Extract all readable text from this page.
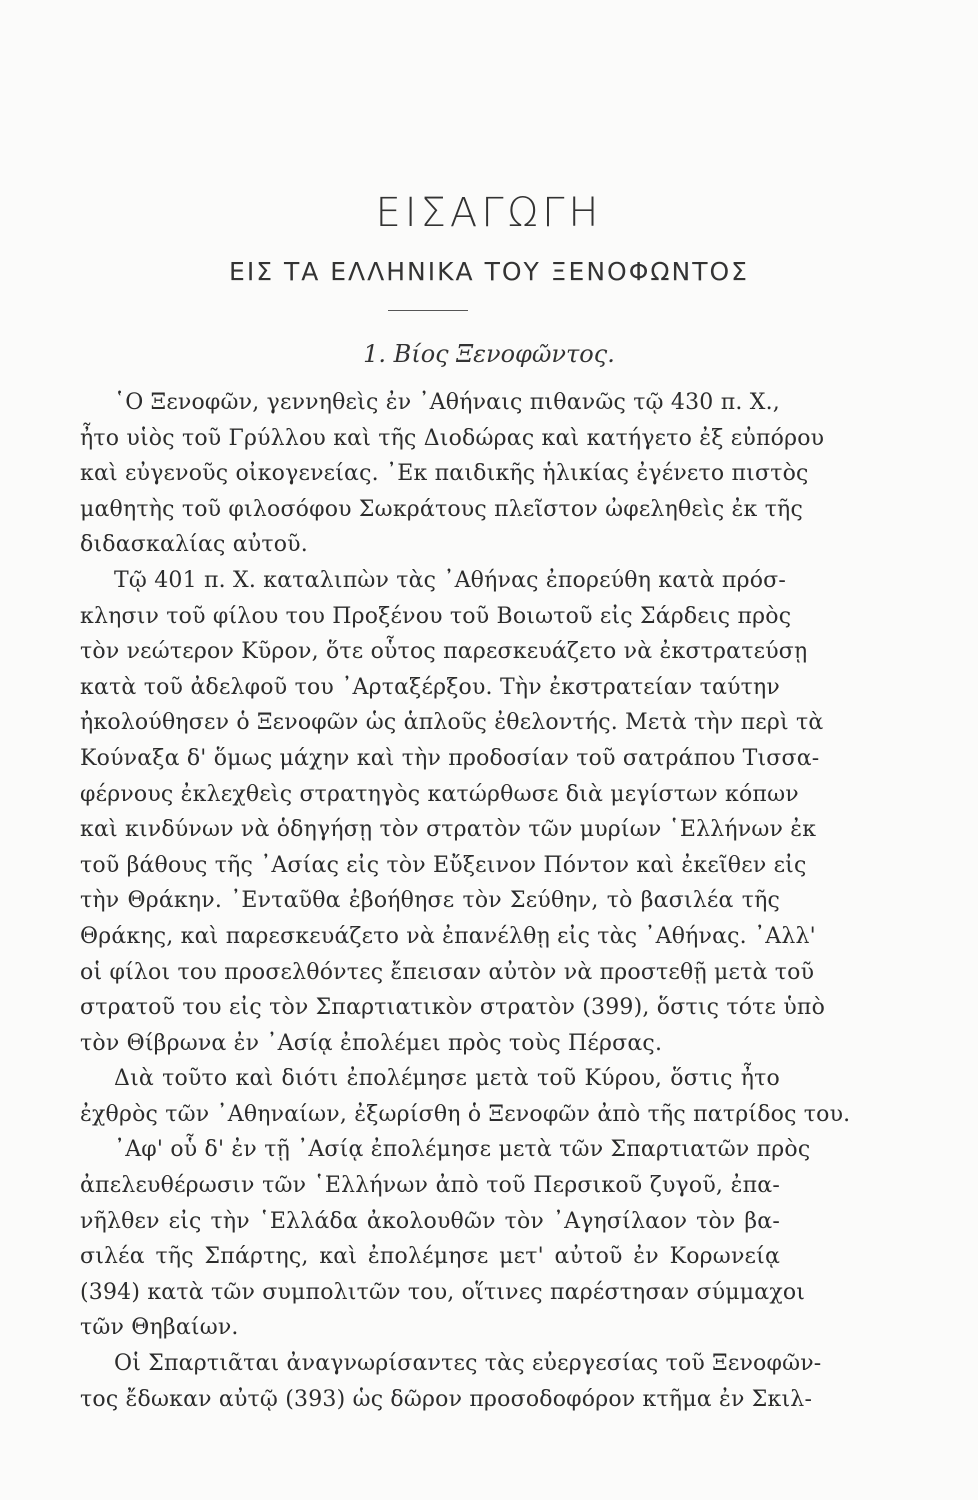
ΕΙΣΑΓΩΓΗ
ΕΙΣ ΤΑ ΕΛΛΗΝΙΚΑ ΤΟΥ ΞΕΝΟΦΩΝΤΟΣ
1. Βίος Ξενοφῶντος.
῾Ο Ξενοφῶν, γεννηθεὶς ἐν ᾿Αθήναις πιθανῶς τῷ 430 π. Χ.,
ἦτο υἱὸς τοῦ Γρύλλου καὶ τῆς Διοδώρας καὶ κατήγετο ἐξ εὐπόρου
καὶ εὐγενοῦς οἰκογενείας. ᾿Εκ παιδικῆς ἡλικίας ἐγένετο πιστὸς
μαθητὴς τοῦ φιλοσόφου Σωκράτους πλεῖστον ὠφεληθεὶς ἐκ τῆς
διδασκαλίας αὐτοῦ.
Τῷ 401 π. Χ. καταλιπὼν τὰς ᾿Αθήνας ἐπορεύθη κατὰ πρόσ-
κλησιν τοῦ φίλου του Προξένου τοῦ Βοιωτοῦ εἰς Σάρδεις πρὸς
τὸν νεώτερον Κῦρον, ὅτε οὗτος παρεσκευάζετο νὰ ἐκστρατεύσῃ
κατὰ τοῦ ἀδελφοῦ του ᾿Αρταξέρξου. Τὴν ἐκστρατείαν ταύτην
ἠκολούθησεν ὁ Ξενοφῶν ὡς ἁπλοῦς ἐθελοντής. Μετὰ τὴν περὶ τὰ
Κούναξα δ' ὅμως μάχην καὶ τὴν προδοσίαν τοῦ σατράπου Τισσα-
φέρνους ἐκλεχθεὶς στρατηγὸς κατώρθωσε διὰ μεγίστων κόπων
καὶ κινδύνων νὰ ὁδηγήσῃ τὸν στρατὸν τῶν μυρίων ῾Ελλήνων ἐκ
τοῦ βάθους τῆς ᾿Ασίας εἰς τὸν Εὔξεινον Πόντον καὶ ἐκεῖθεν εἰς
τὴν Θράκην. ᾿Ενταῦθα ἐβοήθησε τὸν Σεύθην, τὸ βασιλέα τῆς
Θράκης, καὶ παρεσκευάζετο νὰ ἐπανέλθῃ εἰς τὰς ᾿Αθήνας. ᾿Αλλ'
οἱ φίλοι του προσελθόντες ἔπεισαν αὐτὸν νὰ προστεθῇ μετὰ τοῦ
στρατοῦ του εἰς τὸν Σπαρτιατικὸν στρατὸν (399), ὅστις τότε ὑπὸ
τὸν Θίβρωνα ἐν ᾿Ασίᾳ ἐπολέμει πρὸς τοὺς Πέρσας.
Διὰ τοῦτο καὶ διότι ἐπολέμησε μετὰ τοῦ Κύρου, ὅστις ἦτο
ἐχθρὸς τῶν ᾿Αθηναίων, ἐξωρίσθη ὁ Ξενοφῶν ἀπὸ τῆς πατρίδος του.
᾿Αφ' οὗ δ' ἐν τῇ ᾿Ασίᾳ ἐπολέμησε μετὰ τῶν Σπαρτιατῶν πρὸς
ἀπελευθέρωσιν τῶν ῾Ελλήνων ἀπὸ τοῦ Περσικοῦ ζυγοῦ, ἐπα-
νῆλθεν εἰς τὴν ῾Ελλάδα ἀκολουθῶν τὸν ᾿Αγησίλαον τὸν βα-
σιλέα τῆς Σπάρτης, καὶ ἐπολέμησε μετ' αὐτοῦ ἐν Κορωνείᾳ
(394) κατὰ τῶν συμπολιτῶν του, οἵτινες παρέστησαν σύμμαχοι
τῶν Θηβαίων.
Οἱ Σπαρτιᾶται ἀναγνωρίσαντες τὰς εὐεργεσίας τοῦ Ξενοφῶν-
τος ἔδωκαν αὐτῷ (393) ὡς δῶρον προσοδοφόρον κτῆμα ἐν Σκιλ-
